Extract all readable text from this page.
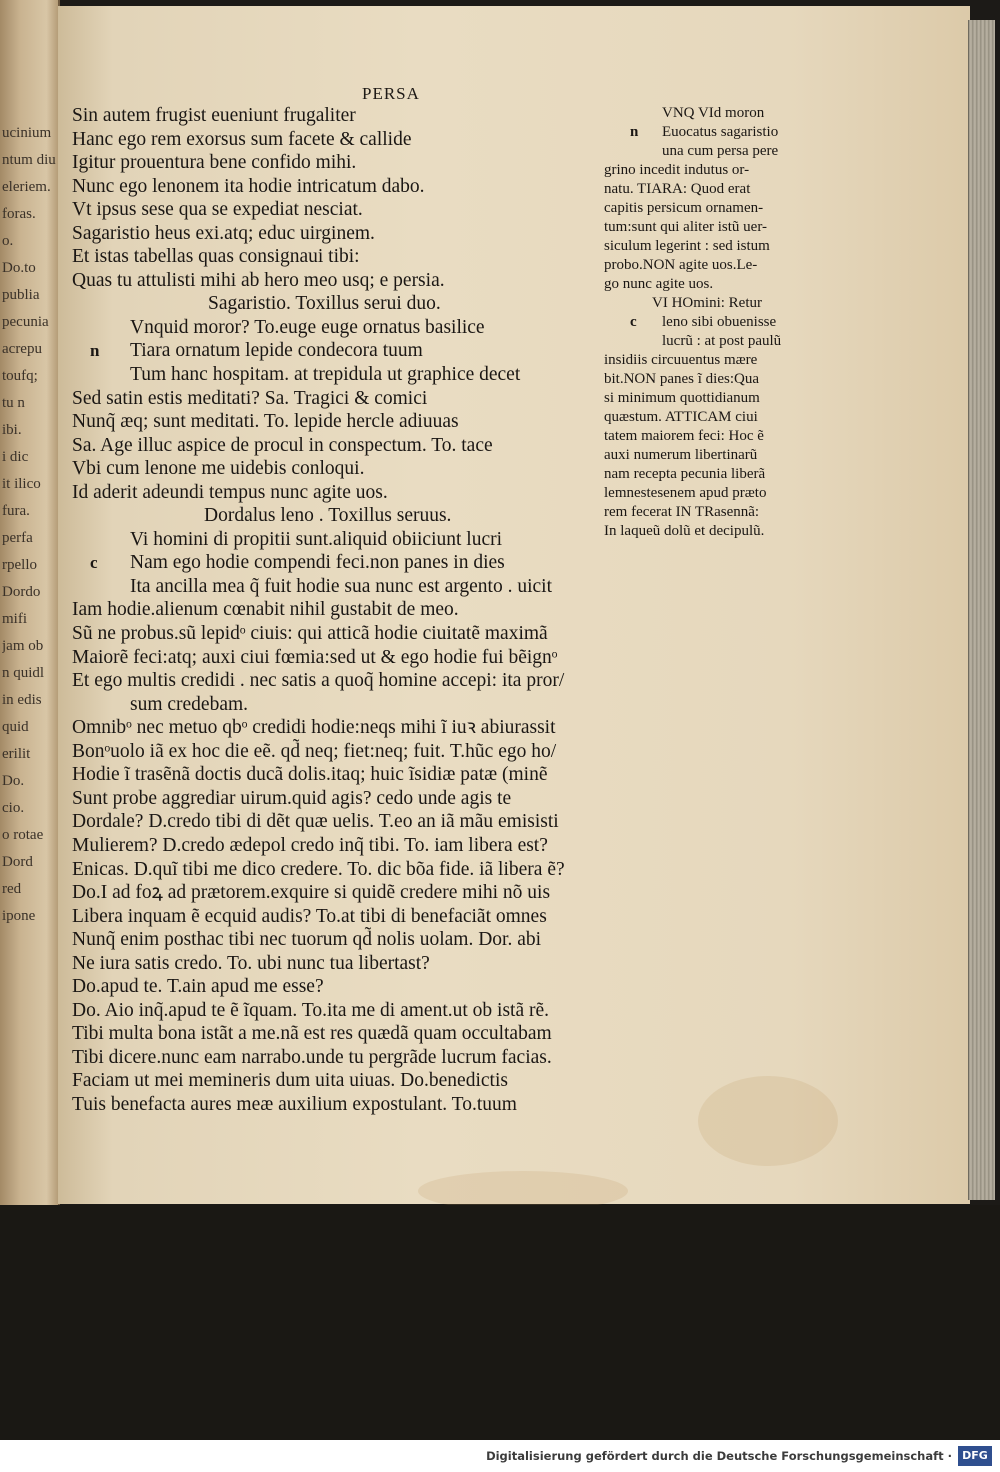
ucinium
ntum diu
eleriem.
foras.
o.
Do.to
publia
pecunia
acrepu
toufq;
tu n
ibi.
i dic
it ilico
fura.
perfa
rpello
Dordo
mifi
jam ob
n quidl
in edis
quid
erilit
Do.
cio.
o rotae
Dord
red
ipone
PERSA
Sin autem frugist eueniunt frugaliter
Hanc ego rem exorsus sum facete & callide
Igitur prouentura bene confido mihi.
Nunc ego lenonem ita hodie intricatum dabo.
Vt ipsus sese qua se expediat nesciat.
Sagaristio heus exi.atq; educ uirginem.
Et istas tabellas quas consignaui tibi:
Quas tu attulisti mihi ab hero meo usq; e persia.
Sagaristio. Toxillus serui duo.
Vnquid moror? To.euge euge ornatus basilice
n Tiara ornatum lepide condecora tuum
Tum hanc hospitam. at trepidula ut graphice decet
Sed satin estis meditati? Sa. Tragici & comici
Nunq̃ æq; sunt meditati. To. lepide hercle adiuuas
Sa. Age illuc aspice de procul in conspectum. To. tace
Vbi cum lenone me uidebis conloqui.
Id aderit adeundi tempus nunc agite uos.
Dordalus leno . Toxillus seruus.
Vi homini di propitii sunt.aliquid obiiciunt lucri
c Nam ego hodie compendi feci.non panes in dies
Ita ancilla mea q̃ fuit hodie sua nunc est argento . uicit
Iam hodie.alienum cœnabit nihil gustabit de meo.
Sũ ne probus.sũ lepidᵒ ciuis: qui atticã hodie ciuitatẽ maximã
Maiorẽ feci:atq; auxi ciui fœmia:sed ut & ego hodie fui bẽignᵒ
Et ego multis credidi . nec satis a quoq̃ homine accepi: ita pror/
sum credebam.
Omnibᵒ nec metuo qbᵒ credidi hodie:neqs mihi ĩ iuꝛ abiurassit
Bonᵒuolo iã ex hoc die eẽ. qd̃ neq; fiet:neq; fuit. T.hũc ego ho/
Hodie ĩ trasẽnã doctis ducã dolis.itaq; huic ĩsidiæ patæ (minẽ
Sunt probe aggrediar uirum.quid agis? cedo unde agis te
Dordale? D.credo tibi di dẽt quæ uelis. T.eo an iã mãu emisisti
Mulierem? D.credo ædepol credo inq̃ tibi. To. iam libera est?
Enicas. D.quĩ tibi me dico credere. To. dic bõa fide. iã libera ẽ?
Do.I ad foꝝ ad prætorem.exquire si quidẽ credere mihi nõ uis
Libera inquam ẽ ecquid audis? To.at tibi di benefaciãt omnes
Nunq̃ enim posthac tibi nec tuorum qd̃ nolis uolam. Dor. abi
Ne iura satis credo. To. ubi nunc tua libertast?
Do.apud te. T.ain apud me esse?
Do. Aio inq̃.apud te ẽ ĩquam. To.ita me di ament.ut ob istã rẽ.
Tibi multa bona istãt a me.nã est res quædã quam occultabam
Tibi dicere.nunc eam narrabo.unde tu pergrãde lucrum facias.
Faciam ut mei memineris dum uita uiuas. Do.benedictis
Tuis benefacta aures meæ auxilium expostulant. To.tuum
VNQ VId moron
n Euocatus sagaristio
una cum persa pere
grino incedit indutus or-
natu. TIARA: Quod erat
capitis persicum ornamen-
tum:sunt qui aliter istũ uer-
siculum legerint : sed istum
probo.NON agite uos.Le-
go nunc agite uos.
VI HOmini: Retur
c leno sibi obuenisse
lucrũ : at post paulũ
insidiis circuuentus mære
bit.NON panes ĩ dies:Qua
si minimum quottidianum
quæstum. ATTICAM ciui
tatem maiorem feci: Hoc ẽ
auxi numerum libertinarũ
nam recepta pecunia liberã
lemnestesenem apud præto
rem fecerat IN TRasennã:
In laqueũ dolũ et decipulũ.
Digitalisierung gefördert durch die Deutsche Forschungsgemeinschaft · DFG
